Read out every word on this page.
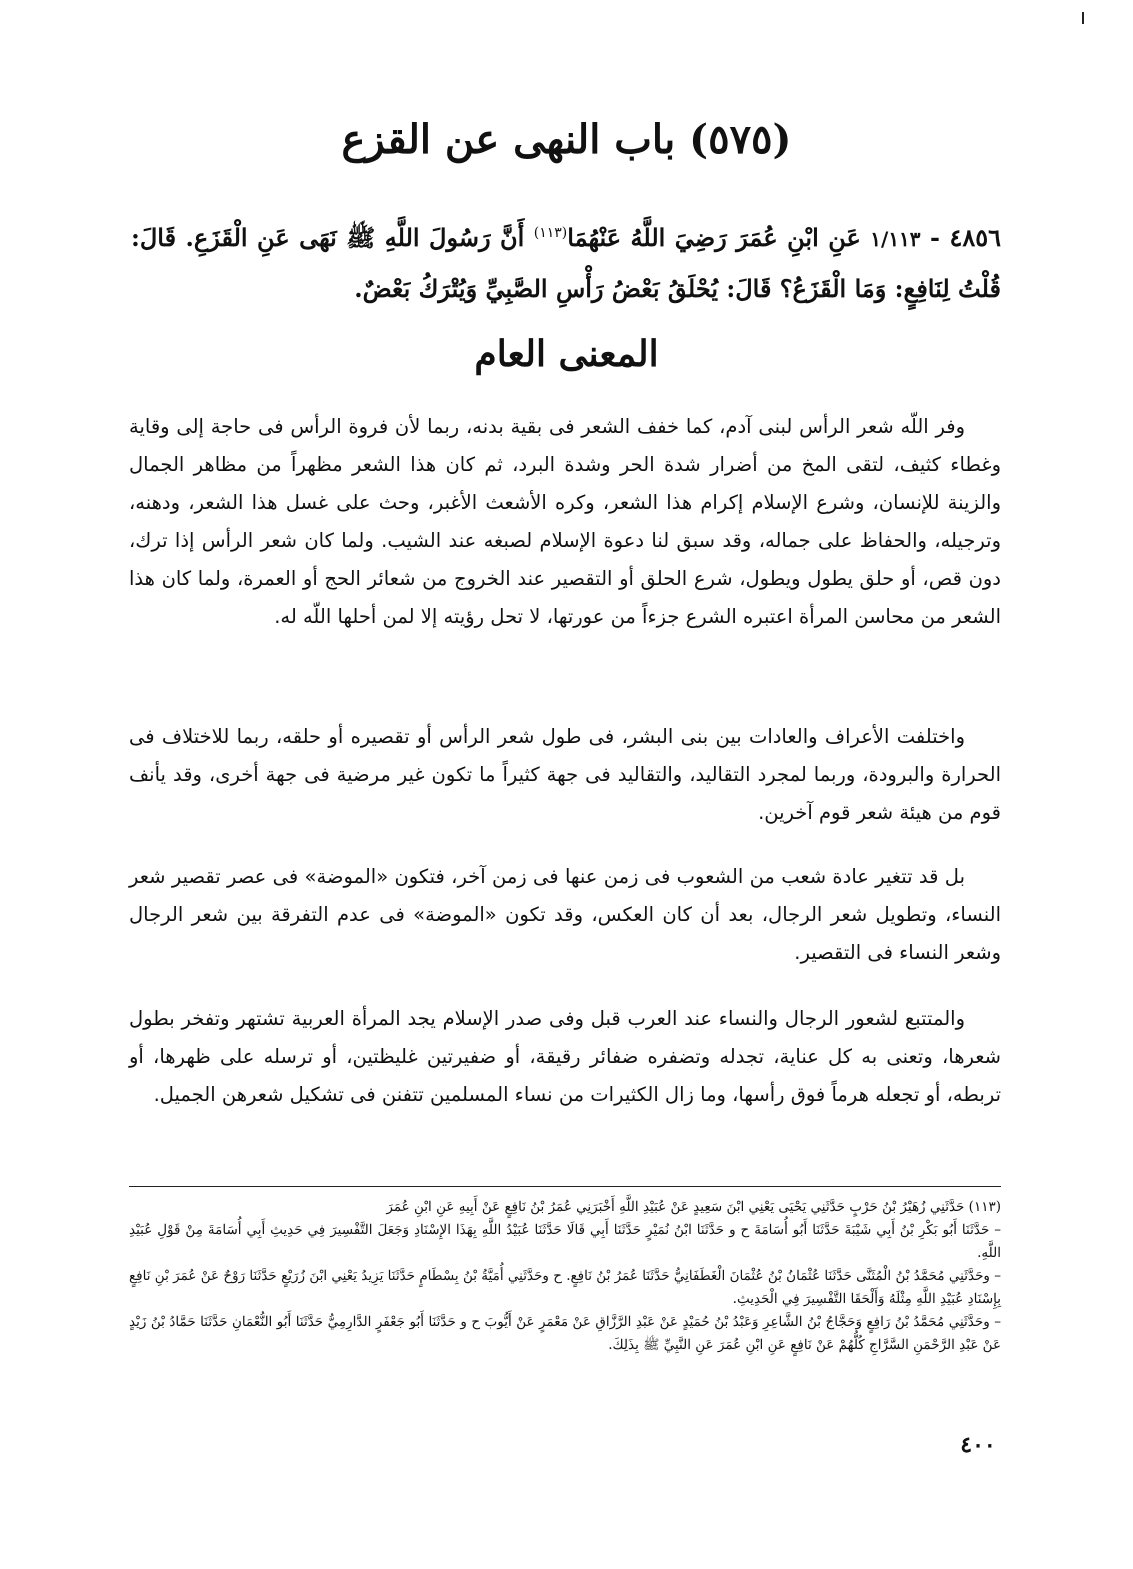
(٥٧٥) باب النهى عن القزع
٤٨٥٦ - ١/١١٣ عَنِ ابْنِ عُمَرَ رَضِيَ اللَّهُ عَنْهُمَا$^{(١١٣)}$ أَنَّ رَسُولَ اللَّهِ ﷺ نَهَى عَنِ الْقَزَعِ. قَالَ: قُلْتُ لِنَافِعٍ: وَمَا الْقَزَعُ؟ قَالَ: يُحْلَقُ بَعْضُ رَأْسِ الصَّبِيِّ وَيُتْرَكُ بَعْضٌ.
المعنى العام

وفر اللّه شعر الرأس لبنى آدم، كما خفف الشعر فى بقية بدنه، ربما لأن فروة الرأس فى حاجة إلى وقاية وغطاء كثيف، لتقى المخ من أضرار شدة الحر وشدة البرد، ثم كان هذا الشعر مظهراً من مظاهر الجمال والزينة للإنسان، وشرع الإسلام إكرام هذا الشعر، وكره الأشعث الأغبر، وحث على غسل هذا الشعر، ودهنه، وترجيله، والحفاظ على جماله، وقد سبق لنا دعوة الإسلام لصبغه عند الشيب. ولما كان شعر الرأس إذا ترك، دون قص، أو حلق يطول ويطول، شرع الحلق أو التقصير عند الخروج من شعائر الحج أو العمرة، ولما كان هذا الشعر من محاسن المرأة اعتبره الشرع جزءاً من عورتها، لا تحل رؤيته إلا لمن أحلها اللّه له.

واختلفت الأعراف والعادات بين بنى البشر، فى طول شعر الرأس أو تقصيره أو حلقه، ربما للاختلاف فى الحرارة والبرودة، وربما لمجرد التقاليد، والتقاليد فى جهة كثيراً ما تكون غير مرضية فى جهة أخرى، وقد يأنف قوم من هيئة شعر قوم آخرين.

بل قد تتغير عادة شعب من الشعوب فى زمن عنها فى زمن آخر، فتكون «الموضة» فى عصر تقصير شعر النساء، وتطويل شعر الرجال، بعد أن كان العكس، وقد تكون «الموضة» فى عدم التفرقة بين شعر الرجال وشعر النساء فى التقصير.

والمتتبع لشعور الرجال والنساء عند العرب قبل وفى صدر الإسلام يجد المرأة العربية تشتهر وتفخر بطول شعرها، وتعنى به كل عناية، تجدله وتضفره ضفائر رقيقة، أو ضفيرتين غليظتين، أو ترسله على ظهرها، أو تربطه، أو تجعله هرماً فوق رأسها، وما زال الكثيرات من نساء المسلمين تتفنن فى تشكيل شعرهن الجميل.

(١١٣) حَدَّثَنِي زُهَيْرُ بْنُ حَرْبٍ حَدَّثَنِي يَحْيَى يَعْنِي ابْنَ سَعِيدٍ عَنْ عُبَيْدِ اللَّهِ أَخْبَرَنِي عُمَرُ بْنُ نَافِعٍ عَنْ أَبِيهِ عَنِ ابْنِ عُمَرَ

– حَدَّثَنَا أَبُو بَكْرِ بْنُ أَبِي شَيْبَةَ حَدَّثَنَا أَبُو أُسَامَةَ ح و حَدَّثَنَا ابْنُ نُمَيْرٍ حَدَّثَنَا أَبِي قَالَا حَدَّثَنَا عُبَيْدُ اللَّهِ بِهَذَا الإِسْنَادِ وَجَعَلَ التَّفْسِيرَ فِي حَدِيثِ أَبِي أُسَامَةَ مِنْ قَوْلِ عُبَيْدِ اللَّهِ.

– وحَدَّثَنِي مُحَمَّدُ بْنُ الْمُثَنَّى حَدَّثَنَا عُثْمَانُ بْنُ عُثْمَانَ الْغَطَفَانِيُّ حَدَّثَنَا عُمَرُ بْنُ نَافِعٍ. ح وحَدَّثَنِي أُمَيَّةُ بْنُ بِسْطَامٍ حَدَّثَنَا يَزِيدُ يَعْنِي ابْنَ زُرَيْعٍ حَدَّثَنَا رَوْحٌ عَنْ عُمَرَ بْنِ نَافِعٍ بِإِسْنَادِ عُبَيْدِ اللَّهِ مِثْلَهُ وَأَلْحَقَا التَّفْسِيرَ فِي الْحَدِيثِ.

– وحَدَّثَنِي مُحَمَّدُ بْنُ رَافِعٍ وَحَجَّاجُ بْنُ الشَّاعِرِ وَعَبْدُ بْنُ حُمَيْدٍ عَنْ عَبْدِ الرَّزَّاقِ عَنْ مَعْمَرٍ عَنْ أَيُّوبَ ح و حَدَّثَنَا أَبُو جَعْفَرٍ الدَّارِمِيُّ حَدَّثَنَا أَبُو النُّعْمَانِ حَدَّثَنَا حَمَّادُ بْنُ زَيْدٍ عَنْ عَبْدِ الرَّحْمَنِ السَّرَّاجِ كُلُّهُمْ عَنْ نَافِعٍ عَنِ ابْنِ عُمَرَ عَنِ النَّبِيِّ ﷺ بِذَلِكَ.

٤٠٠
